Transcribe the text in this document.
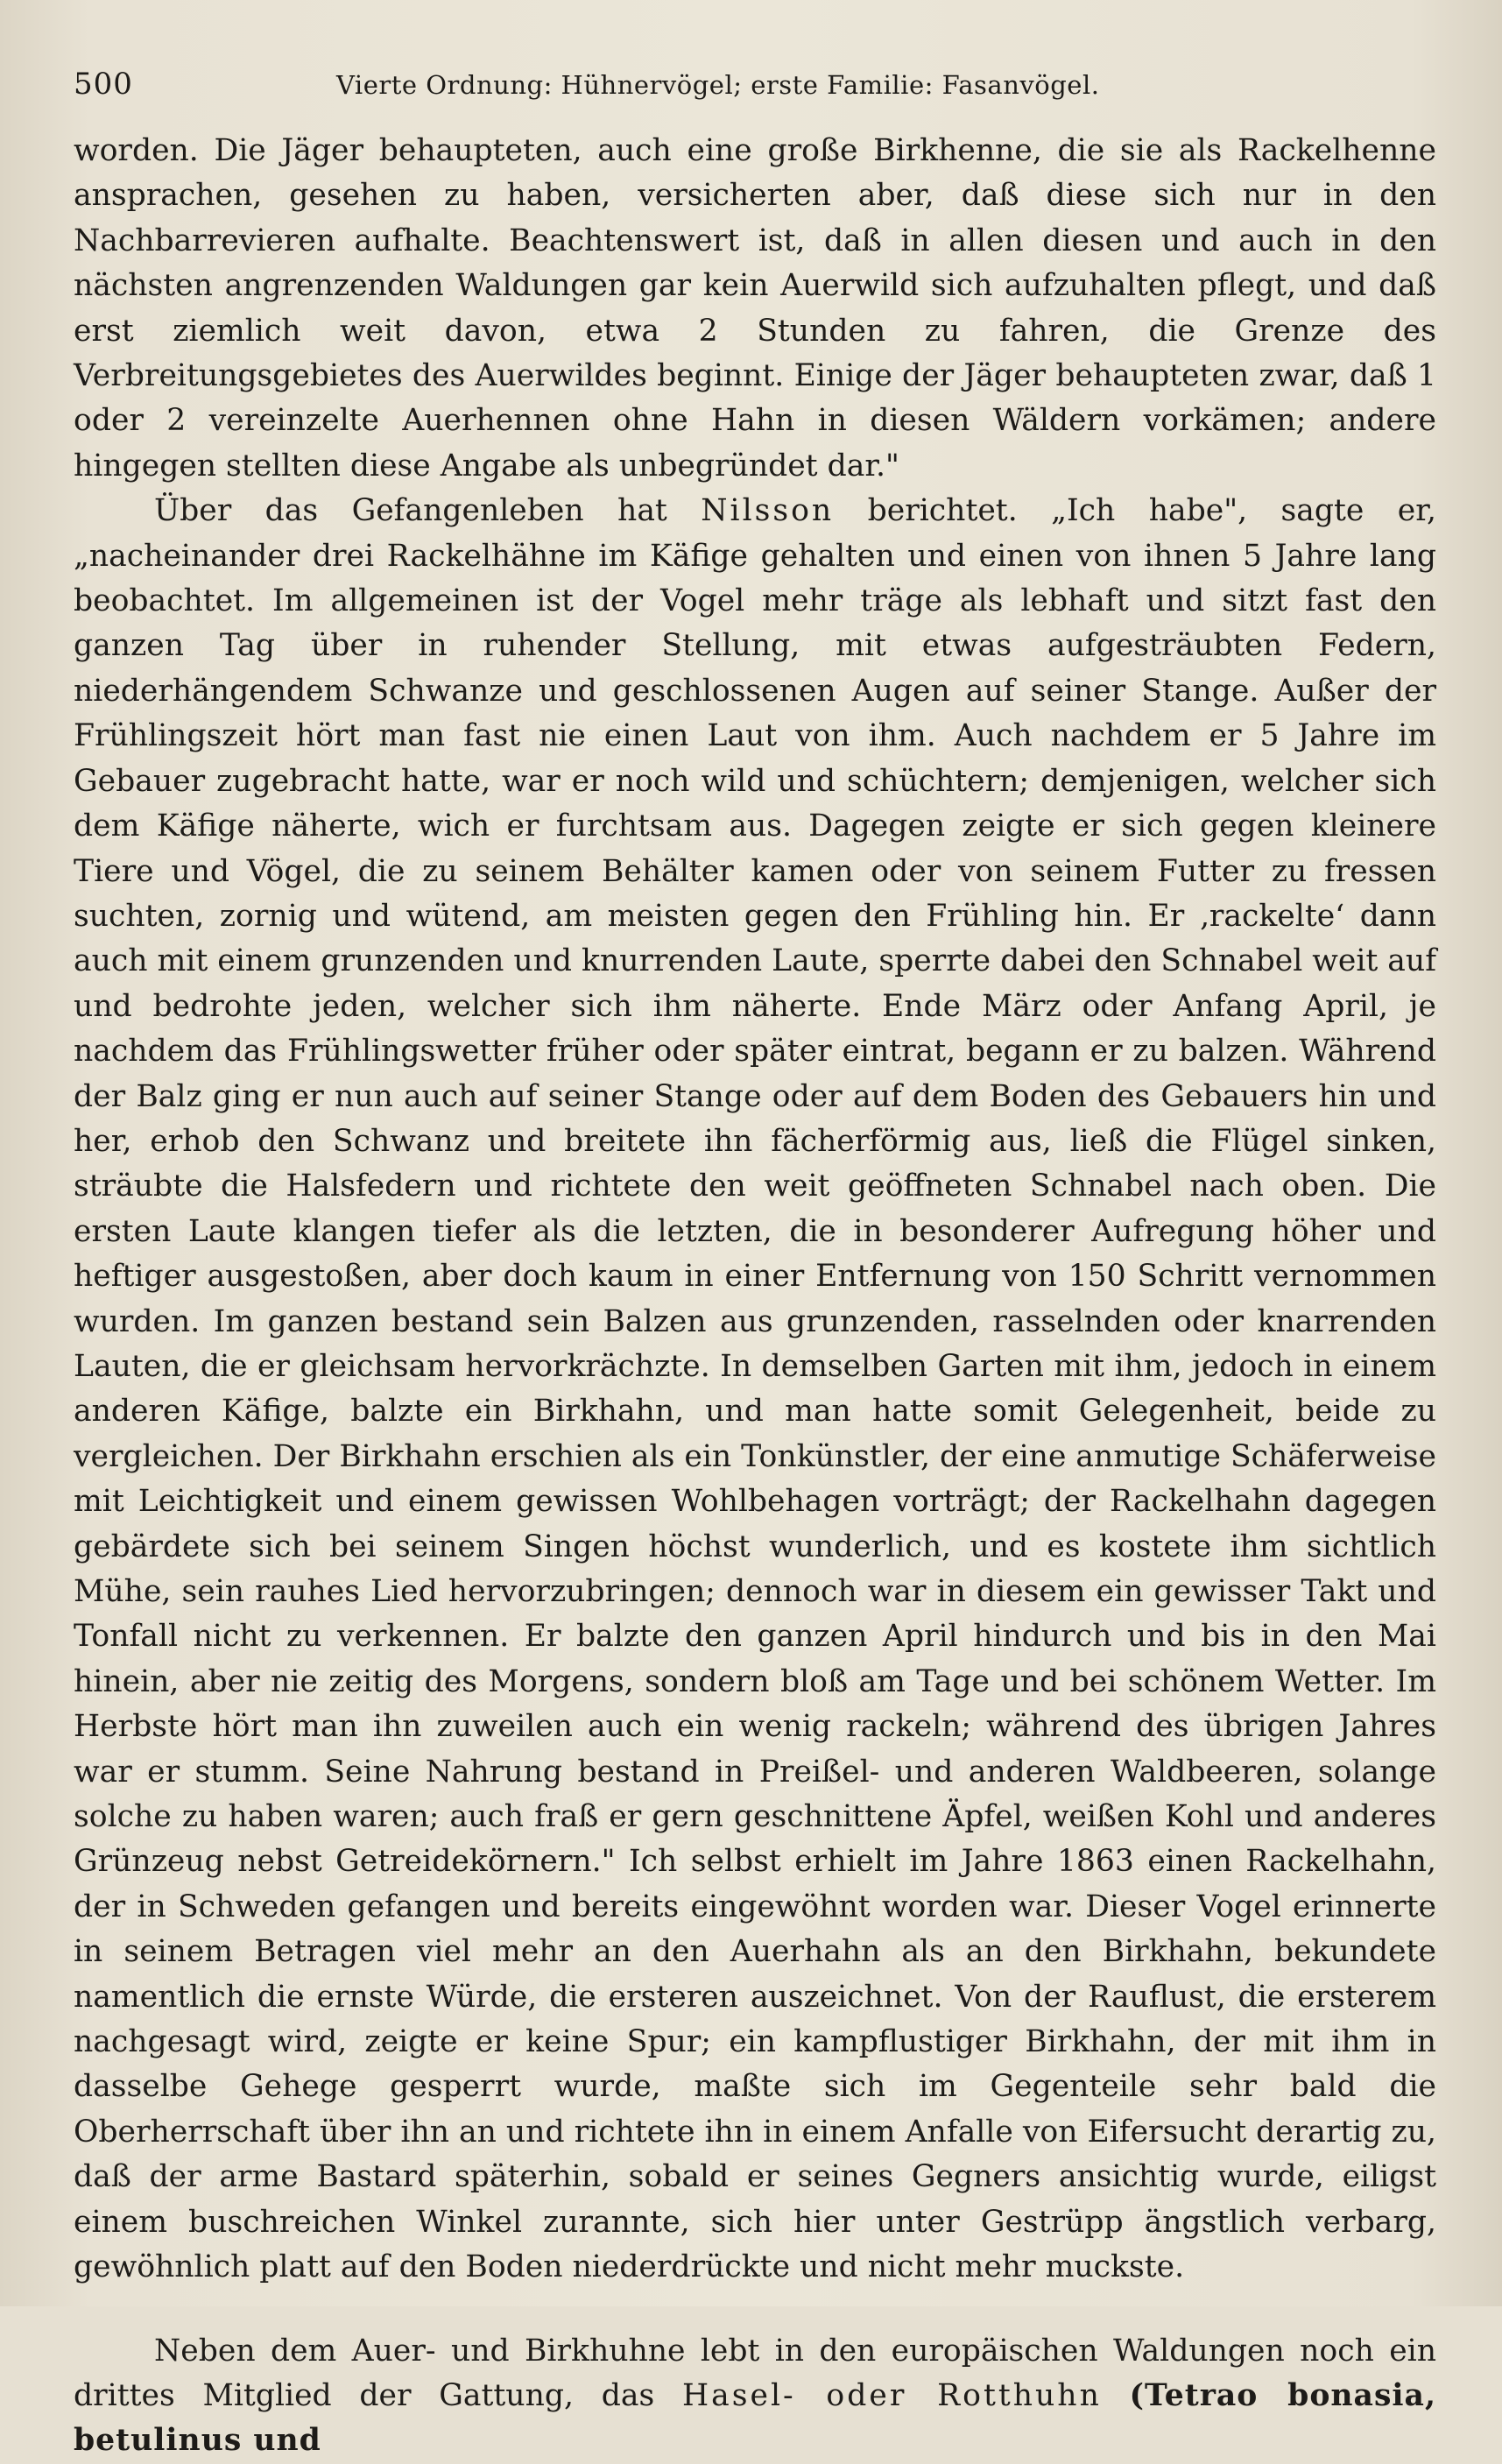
500	Vierte Ordnung: Hühnervögel; erste Familie: Fasanvögel.

worden. Die Jäger behaupteten, auch eine große Birkhenne, die sie als Rackelhenne ansprachen, gesehen zu haben, versicherten aber, daß diese sich nur in den Nachbarrevieren aufhalte. Beachtenswert ist, daß in allen diesen und auch in den nächsten angrenzenden Waldungen gar kein Auerwild sich aufzuhalten pflegt, und daß erst ziemlich weit davon, etwa 2 Stunden zu fahren, die Grenze des Verbreitungsgebietes des Auerwildes beginnt. Einige der Jäger behaupteten zwar, daß 1 oder 2 vereinzelte Auerhennen ohne Hahn in diesen Wäldern vorkämen; andere hingegen stellten diese Angabe als unbegründet dar."

Über das Gefangenleben hat Nilsson berichtet. „Ich habe", sagte er, „nacheinander drei Rackelhähne im Käfige gehalten und einen von ihnen 5 Jahre lang beobachtet. Im allgemeinen ist der Vogel mehr träge als lebhaft und sitzt fast den ganzen Tag über in ruhender Stellung, mit etwas aufgesträubten Federn, niederhängendem Schwanze und geschlossenen Augen auf seiner Stange. Außer der Frühlingszeit hört man fast nie einen Laut von ihm. Auch nachdem er 5 Jahre im Gebauer zugebracht hatte, war er noch wild und schüchtern; demjenigen, welcher sich dem Käfige näherte, wich er furchtsam aus. Dagegen zeigte er sich gegen kleinere Tiere und Vögel, die zu seinem Behälter kamen oder von seinem Futter zu fressen suchten, zornig und wütend, am meisten gegen den Frühling hin. Er ‚rackelte‘ dann auch mit einem grunzenden und knurrenden Laute, sperrte dabei den Schnabel weit auf und bedrohte jeden, welcher sich ihm näherte. Ende März oder Anfang April, je nachdem das Frühlingswetter früher oder später eintrat, begann er zu balzen. Während der Balz ging er nun auch auf seiner Stange oder auf dem Boden des Gebauers hin und her, erhob den Schwanz und breitete ihn fächerförmig aus, ließ die Flügel sinken, sträubte die Halsfedern und richtete den weit geöffneten Schnabel nach oben. Die ersten Laute klangen tiefer als die letzten, die in besonderer Aufregung höher und heftiger ausgestoßen, aber doch kaum in einer Entfernung von 150 Schritt vernommen wurden. Im ganzen bestand sein Balzen aus grunzenden, rasselnden oder knarrenden Lauten, die er gleichsam hervorkrächzte. In demselben Garten mit ihm, jedoch in einem anderen Käfige, balzte ein Birkhahn, und man hatte somit Gelegenheit, beide zu vergleichen. Der Birkhahn erschien als ein Tonkünstler, der eine anmutige Schäferweise mit Leichtigkeit und einem gewissen Wohlbehagen vorträgt; der Rackelhahn dagegen gebärdete sich bei seinem Singen höchst wunderlich, und es kostete ihm sichtlich Mühe, sein rauhes Lied hervorzubringen; dennoch war in diesem ein gewisser Takt und Tonfall nicht zu verkennen. Er balzte den ganzen April hindurch und bis in den Mai hinein, aber nie zeitig des Morgens, sondern bloß am Tage und bei schönem Wetter. Im Herbste hört man ihn zuweilen auch ein wenig rackeln; während des übrigen Jahres war er stumm. Seine Nahrung bestand in Preißel- und anderen Waldbeeren, solange solche zu haben waren; auch fraß er gern geschnittene Äpfel, weißen Kohl und anderes Grünzeug nebst Getreidekörnern." Ich selbst erhielt im Jahre 1863 einen Rackelhahn, der in Schweden gefangen und bereits eingewöhnt worden war. Dieser Vogel erinnerte in seinem Betragen viel mehr an den Auerhahn als an den Birkhahn, bekundete namentlich die ernste Würde, die ersteren auszeichnet. Von der Rauflust, die ersterem nachgesagt wird, zeigte er keine Spur; ein kampflustiger Birkhahn, der mit ihm in dasselbe Gehege gesperrt wurde, maßte sich im Gegenteile sehr bald die Oberherrschaft über ihn an und richtete ihn in einem Anfalle von Eifersucht derartig zu, daß der arme Bastard späterhin, sobald er seines Gegners ansichtig wurde, eiligst einem buschreichen Winkel zurannte, sich hier unter Gestrüpp ängstlich verbarg, gewöhnlich platt auf den Boden niederdrückte und nicht mehr muckste.

Neben dem Auer- und Birkhuhne lebt in den europäischen Waldungen noch ein drittes Mitglied der Gattung, das Hasel- oder Rotthuhn (Tetrao bonasia, betulinus und
